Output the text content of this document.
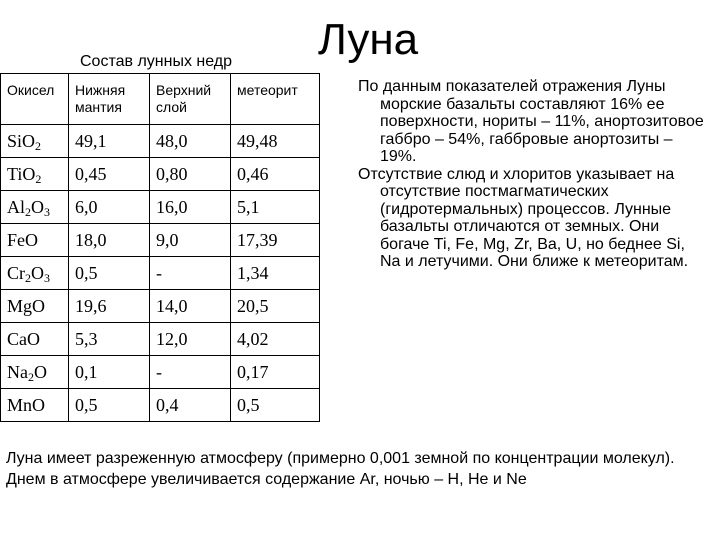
Луна
Состав лунных недр
Окисел	Нижняя мантия	Верхний слой	метеорит
SiO$_2$	49,1	48,0	49,48
TiO$_2$	0,45	0,80	0,46
$Al_2O_3$	6,0	16,0	5,1
FeO	18,0	9,0	17,39
$Cr_2O_3$	0,5	-	1,34
MgO	19,6	14,0	20,5
CaO	5,3	12,0	4,02
$Na_2O$	0,1	-	0,17
MnO	0,5	0,4	0,5

По данным показателей отражения Луны морские базальты составляют 16% ее поверхности, нориты – 11%, анортозитовое габбро – 54%, габбровые анортозиты – 19%.

Отсутствие слюд и хлоритов указывает на отсутствие постмагматических (гидротермальных) процессов. Лунные базальты отличаются от земных. Они богаче Ti, Fe, Mg, Zr, Ba, U, но беднее Si, Na и летучими. Они ближе к метеоритам.

Луна имеет разреженную атмосферу (примерно 0,001 земной по концентрации молекул). Днем в атмосфере увеличивается содержание Ar, ночью – H, He и Ne
